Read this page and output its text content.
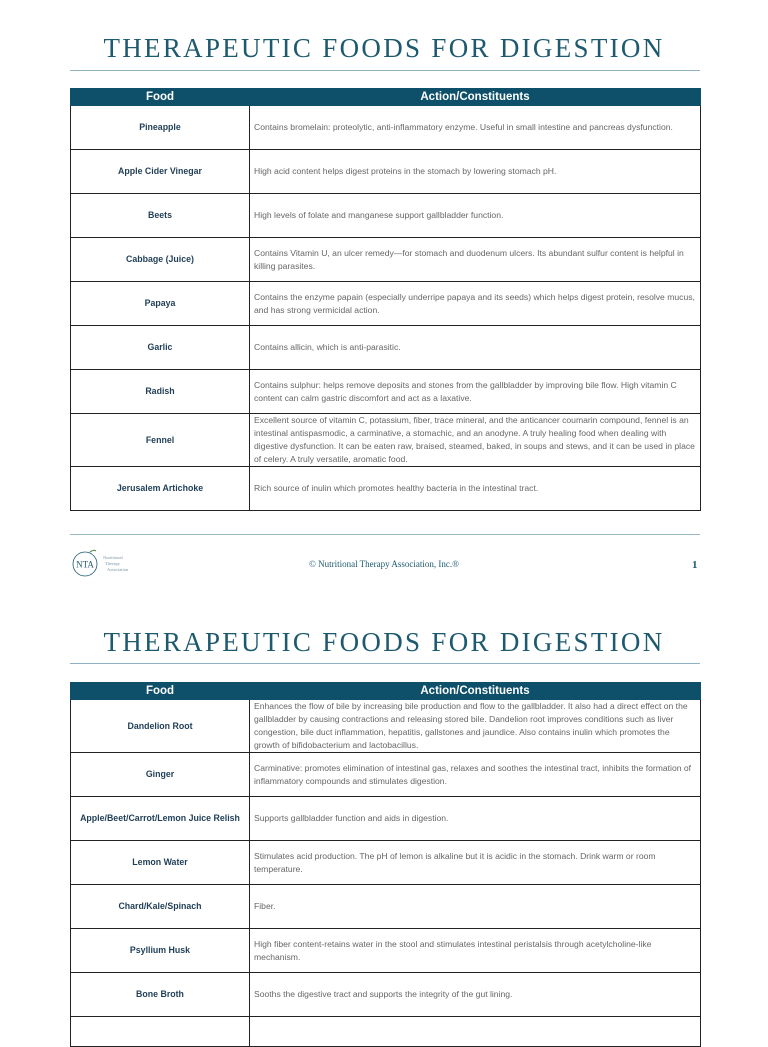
THERAPEUTIC FOODS FOR DIGESTION
Food	Action/Constituents
Pineapple	Contains bromelain: proteolytic, anti-inflammatory enzyme. Useful in small intestine and pancreas dysfunction.
Apple Cider Vinegar	High acid content helps digest proteins in the stomach by lowering stomach pH.
Beets	High levels of folate and manganese support gallbladder function.
Cabbage (Juice)	Contains Vitamin U, an ulcer remedy—for stomach and duodenum ulcers. Its abundant sulfur content is helpful in killing parasites.
Papaya	Contains the enzyme papain (especially underripe papaya and its seeds) which helps digest protein, resolve mucus, and has strong vermicidal action.
Garlic	Contains allicin, which is anti-parasitic.
Radish	Contains sulphur: helps remove deposits and stones from the gallbladder by improving bile flow. High vitamin C content can calm gastric discomfort and act as a laxative.
Fennel	Excellent source of vitamin C, potassium, fiber, trace mineral, and the anticancer coumarin compound, fennel is an intestinal antispasmodic, a carminative, a stomachic, and an anodyne. A truly healing food when dealing with digestive dysfunction. It can be eaten raw, braised, steamed, baked, in soups and stews, and it can be used in place of celery. A truly versatile, aromatic food.
Jerusalem Artichoke	Rich source of inulin which promotes healthy bacteria in the intestinal tract.
NTA
Nutritional
Therapy
Association
© Nutritional Therapy Association, Inc.®	1
THERAPEUTIC FOODS FOR DIGESTION
Food	Action/Constituents
Dandelion Root	Enhances the flow of bile by increasing bile production and flow to the gallbladder. It also had a direct effect on the gallbladder by causing contractions and releasing stored bile. Dandelion root improves conditions such as liver congestion, bile duct inflammation, hepatitis, gallstones and jaundice. Also contains inulin which promotes the growth of bifidobacterium and lactobacillus.
Ginger	Carminative: promotes elimination of intestinal gas, relaxes and soothes the intestinal tract, inhibits the formation of inflammatory compounds and stimulates digestion.
Apple/Beet/Carrot/Lemon Juice Relish	Supports gallbladder function and aids in digestion.
Lemon Water	Stimulates acid production. The pH of lemon is alkaline but it is acidic in the stomach. Drink warm or room temperature.
Chard/Kale/Spinach	Fiber.
Psyllium Husk	High fiber content-retains water in the stool and stimulates intestinal peristalsis through acetylcholine-like mechanism.
Bone Broth	Sooths the digestive tract and supports the integrity of the gut lining.
